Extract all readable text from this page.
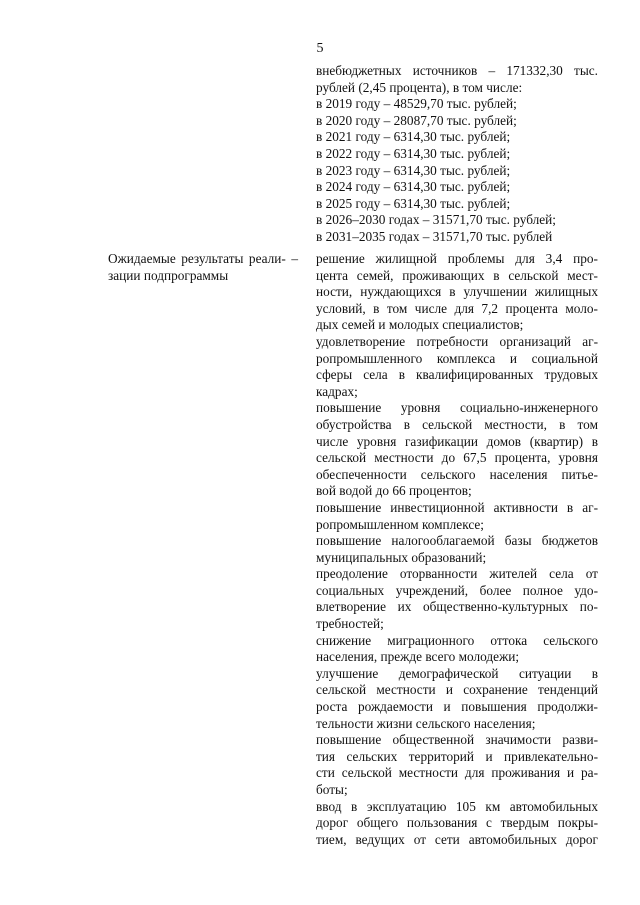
5
внебюджетных источников – 171332,30 тыс.
рублей (2,45 процента), в том числе:
в 2019 году – 48529,70 тыс. рублей;
в 2020 году – 28087,70 тыс. рублей;
в 2021 году – 6314,30 тыс. рублей;
в 2022 году – 6314,30 тыс. рублей;
в 2023 году – 6314,30 тыс. рублей;
в 2024 году – 6314,30 тыс. рублей;
в 2025 году – 6314,30 тыс. рублей;
в 2026–2030 годах – 31571,70 тыс. рублей;
в 2031–2035 годах – 31571,70 тыс. рублей
Ожидаемые результаты реали- –
зации подпрограммы
решение жилищной проблемы для 3,4 про-
цента семей, проживающих в сельской мест-
ности, нуждающихся в улучшении жилищных
условий, в том числе для 7,2 процента моло-
дых семей и молодых специалистов;
удовлетворение потребности организаций аг-
ропромышленного комплекса и социальной
сферы села в квалифицированных трудовых
кадрах;
повышение уровня социально-инженерного
обустройства в сельской местности, в том
числе уровня газификации домов (квартир) в
сельской местности до 67,5 процента, уровня
обеспеченности сельского населения питье-
вой водой до 66 процентов;
повышение инвестиционной активности в аг-
ропромышленном комплексе;
повышение налогооблагаемой базы бюджетов
муниципальных образований;
преодоление оторванности жителей села от
социальных учреждений, более полное удо-
влетворение их общественно-культурных по-
требностей;
снижение миграционного оттока сельского
населения, прежде всего молодежи;
улучшение демографической ситуации в
сельской местности и сохранение тенденций
роста рождаемости и повышения продолжи-
тельности жизни сельского населения;
повышение общественной значимости разви-
тия сельских территорий и привлекательно-
сти сельской местности для проживания и ра-
боты;
ввод в эксплуатацию 105 км автомобильных
дорог общего пользования с твердым покры-
тием, ведущих от сети автомобильных дорог
